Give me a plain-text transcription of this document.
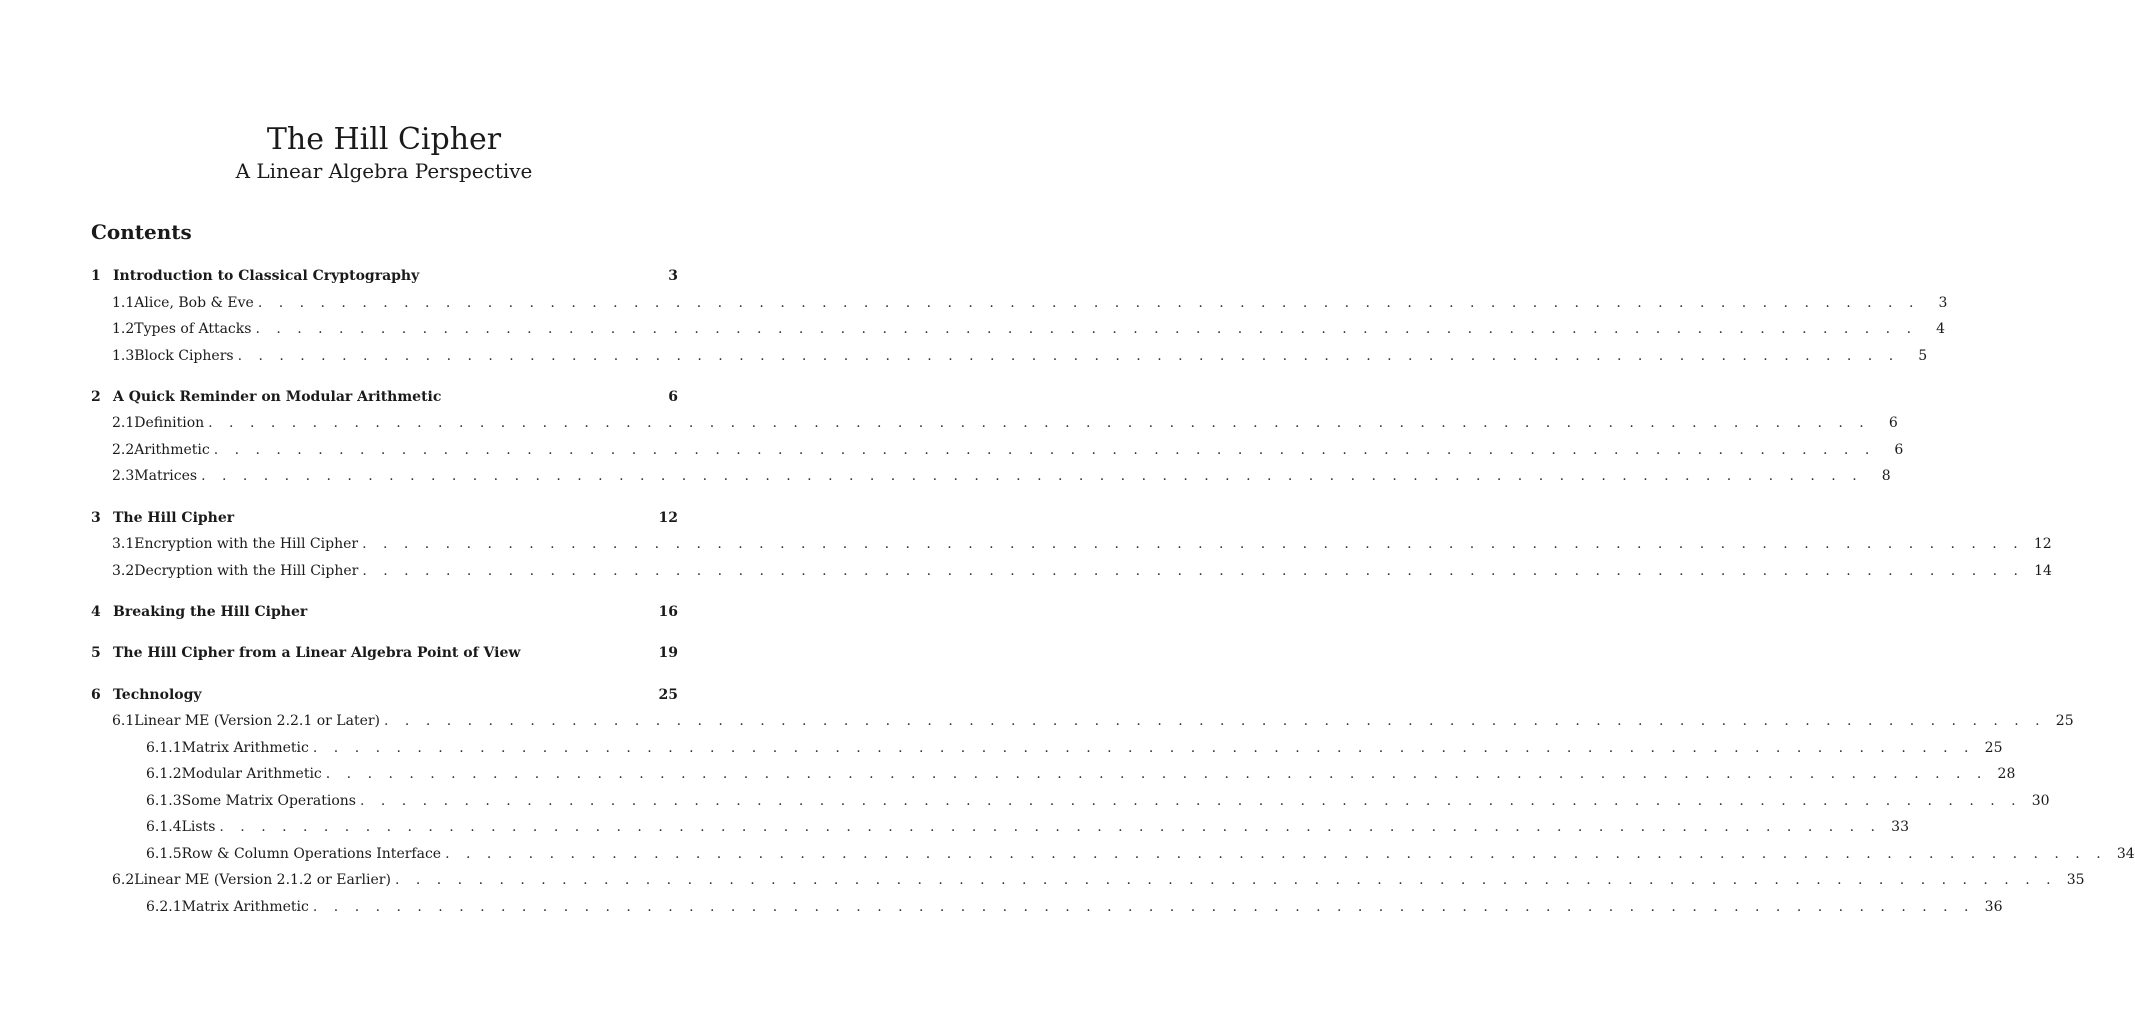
The Hill Cipher
A Linear Algebra Perspective
Contents
1 Introduction to Classical Cryptography	3
1.1 Alice, Bob & Eve . . . . . . . . . . . . . . . . . . . . . . . . . . . . . . . . . . . . . . . . . . . . . . . . . . . . . . . . . . . . . . . . . . . . . . . . . . . . . . . .	3
1.2 Types of Attacks . . . . . . . . . . . . . . . . . . . . . . . . . . . . . . . . . . . . . . . . . . . . . . . . . . . . . . . . . . . . . . . . . . . . . . . . . . . . . . . .	4
1.3 Block Ciphers . . . . . . . . . . . . . . . . . . . . . . . . . . . . . . . . . . . . . . . . . . . . . . . . . . . . . . . . . . . . . . . . . . . . . . . . . . . . . . . .	5
2 A Quick Reminder on Modular Arithmetic	6
2.1 Definition . . . . . . . . . . . . . . . . . . . . . . . . . . . . . . . . . . . . . . . . . . . . . . . . . . . . . . . . . . . . . . . . . . . . . . . . . . . . . . . .	6
2.2 Arithmetic . . . . . . . . . . . . . . . . . . . . . . . . . . . . . . . . . . . . . . . . . . . . . . . . . . . . . . . . . . . . . . . . . . . . . . . . . . . . . . . .	6
2.3 Matrices . . . . . . . . . . . . . . . . . . . . . . . . . . . . . . . . . . . . . . . . . . . . . . . . . . . . . . . . . . . . . . . . . . . . . . . . . . . . . . . .	8
3 The Hill Cipher	12
3.1 Encryption with the Hill Cipher . . . . . . . . . . . . . . . . . . . . . . . . . . . . . . . . . . . . . . . . . . . . . . . . . . . . . . . . . . . . . . . . . . . . . . . . . . . . . . . . 12
3.2 Decryption with the Hill Cipher . . . . . . . . . . . . . . . . . . . . . . . . . . . . . . . . . . . . . . . . . . . . . . . . . . . . . . . . . . . . . . . . . . . . . . . . . . . . . . . . 14
4 Breaking the Hill Cipher	16
5 The Hill Cipher from a Linear Algebra Point of View	19
6 Technology	25
6.1 Linear ME (Version 2.2.1 or Later) . . . . . . . . . . . . . . . . . . . . . . . . . . . . . . . . . . . . . . . . . . . . . . . . . . . . . . . . . . . . . . . . . . . . . . . . . . . . . . . . 25
6.1.1 Matrix Arithmetic . . . . . . . . . . . . . . . . . . . . . . . . . . . . . . . . . . . . . . . . . . . . . . . . . . . . . . . . . . . . . . . . . . . . . . . . . . . . . . . . 25
6.1.2 Modular Arithmetic . . . . . . . . . . . . . . . . . . . . . . . . . . . . . . . . . . . . . . . . . . . . . . . . . . . . . . . . . . . . . . . . . . . . . . . . . . . . . . . . 28
6.1.3 Some Matrix Operations . . . . . . . . . . . . . . . . . . . . . . . . . . . . . . . . . . . . . . . . . . . . . . . . . . . . . . . . . . . . . . . . . . . . . . . . . . . . . . . . 30
6.1.4 Lists . . . . . . . . . . . . . . . . . . . . . . . . . . . . . . . . . . . . . . . . . . . . . . . . . . . . . . . . . . . . . . . . . . . . . . . . . . . . . . . . 33
6.1.5 Row & Column Operations Interface . . . . . . . . . . . . . . . . . . . . . . . . . . . . . . . . . . . . . . . . . . . . . . . . . . . . . . . . . . . . . . . . . . . . . . . . . . . . . . . . 34
6.2 Linear ME (Version 2.1.2 or Earlier) . . . . . . . . . . . . . . . . . . . . . . . . . . . . . . . . . . . . . . . . . . . . . . . . . . . . . . . . . . . . . . . . . . . . . . . . . . . . . . . . 35
6.2.1 Matrix Arithmetic . . . . . . . . . . . . . . . . . . . . . . . . . . . . . . . . . . . . . . . . . . . . . . . . . . . . . . . . . . . . . . . . . . . . . . . . . . . . . . . . 36
